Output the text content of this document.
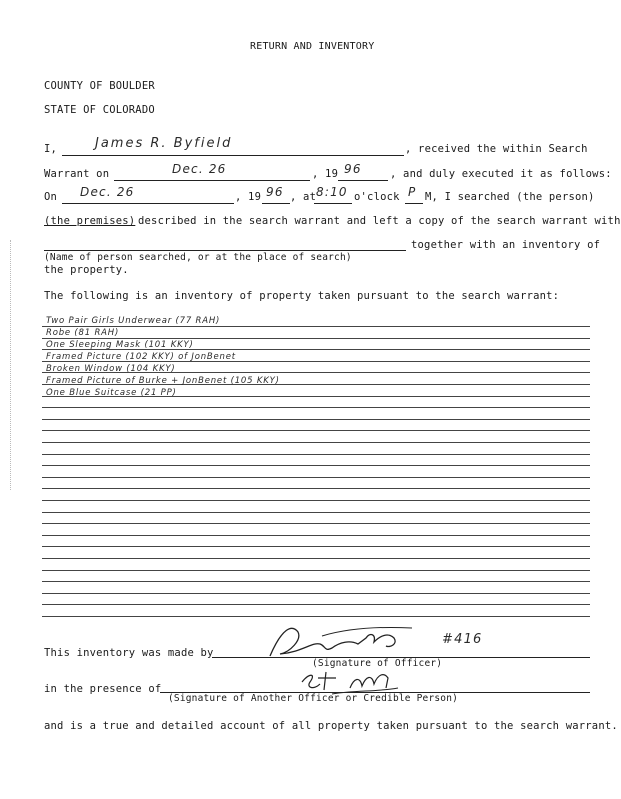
RETURN AND INVENTORY
COUNTY OF BOULDER
STATE OF COLORADO
I,	James R. Byfield	, received the within Search
Warrant on	Dec. 26	, 19 96	, and duly executed it as follows:
On Dec. 26	, 19 96 , at 8:10 o'clock P M, I searched (the person)
(the premises) described in the search warrant and left a copy of the search warrant with
together with an inventory of
(Name of person searched, or at the place of search)
the property.
The following is an inventory of property taken pursuant to the search warrant:
Two Pair Girls Underwear (77 RAH)
Robe (81 RAH)
One Sleeping Mask (101 KKY)
Framed Picture (102 KKY) of JonBenet
Broken Window (104 KKY)
Framed Picture of Burke + JonBenet (105 KKY)
One Blue Suitcase (21 PP)
This inventory was made by
#416
(Signature of Officer)
in the presence of
(Signature of Another Officer or Credible Person)
and is a true and detailed account of all property taken pursuant to the search warrant.
